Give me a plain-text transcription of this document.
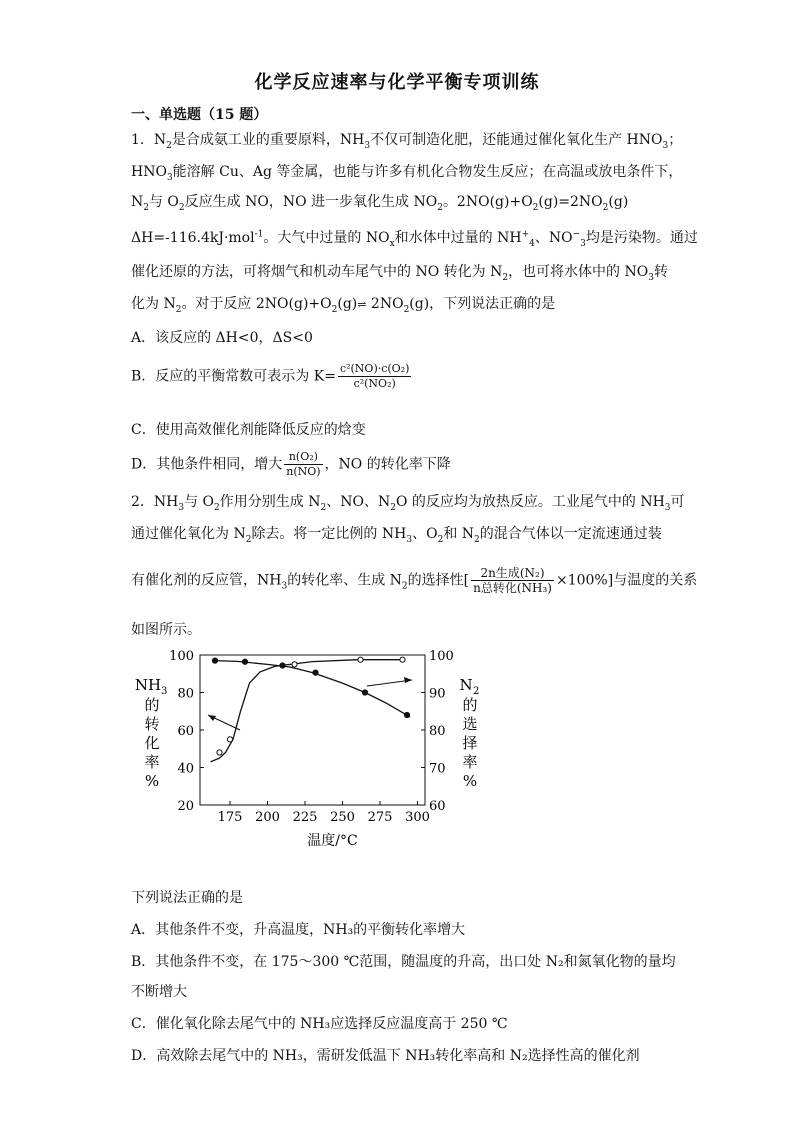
化学反应速率与化学平衡专项训练
一、单选题（15 题）
1．$N_2$是合成氨工业的重要原料，$NH_3$不仅可制造化肥，还能通过催化氧化生产 $HNO_3$；
$HNO_3$能溶解 Cu、Ag 等金属，也能与许多有机化合物发生反应；在高温或放电条件下，
$N_2$与 $O_2$反应生成 NO，NO 进一步氧化生成 $NO_2$。$2NO(g)+O_2(g)=2NO_2(g)$
ΔH=-116.4kJ·mol$^{-1}$。大气中过量的 $NO_x$和水体中过量的 $NH^+_4$、$NO^-_3$均是污染物。通过
催化还原的方法，可将烟气和机动车尾气中的 NO 转化为 $N_2$，也可将水体中的 $NO_3$转
化为 $N_2$。对于反应 $2NO(g)+O_2(g)\rightleftharpoons$ $2NO_2(g)$，下列说法正确的是
A．该反应的 ΔH<0，ΔS<0
B．反应的平衡常数可表示为 $K= \frac{\text{c²(NO)·c(O₂)}}{\text{c²(NO₂)}}$
C．使用高效催化剂能降低反应的焓变
D．其他条件相同，增大 $\frac{\text{n(O₂)}}{n(NO)}$ ，NO 的转化率下降
2．$NH_3$与 $O_2$作用分别生成 $N_2$、NO、$N_2O$ 的反应均为放热反应。工业尾气中的 $NH_3$可
通过催化氧化为 $N_2$除去。将一定比例的 $NH_3$、$O_2$和 $N_2$的混合气体以一定流速通过装
有催化剂的反应管，$NH_3$的转化率、生成 $N_2$的选择性[ $\frac{\text{2n生成(N₂)}}{\text{n总转化(NH₃)}} \times 100\%$]与温度的关系
如图所示。
175 200 225 250 275 300
20
40
60
80
100
60
70
80
90
100
NH 3
的
转
化
率
%
N 2
的
选
择
率
%
温度/°C
下列说法正确的是
A．其他条件不变，升高温度，NH₃的平衡转化率增大
B．其他条件不变，在 175～300 ℃范围，随温度的升高，出口处 N₂和氮氧化物的量均
不断增大
C．催化氧化除去尾气中的 NH₃应选择反应温度高于 250 ℃
D．高效除去尾气中的 NH₃，需研发低温下 NH₃转化率高和 N₂选择性高的催化剂
